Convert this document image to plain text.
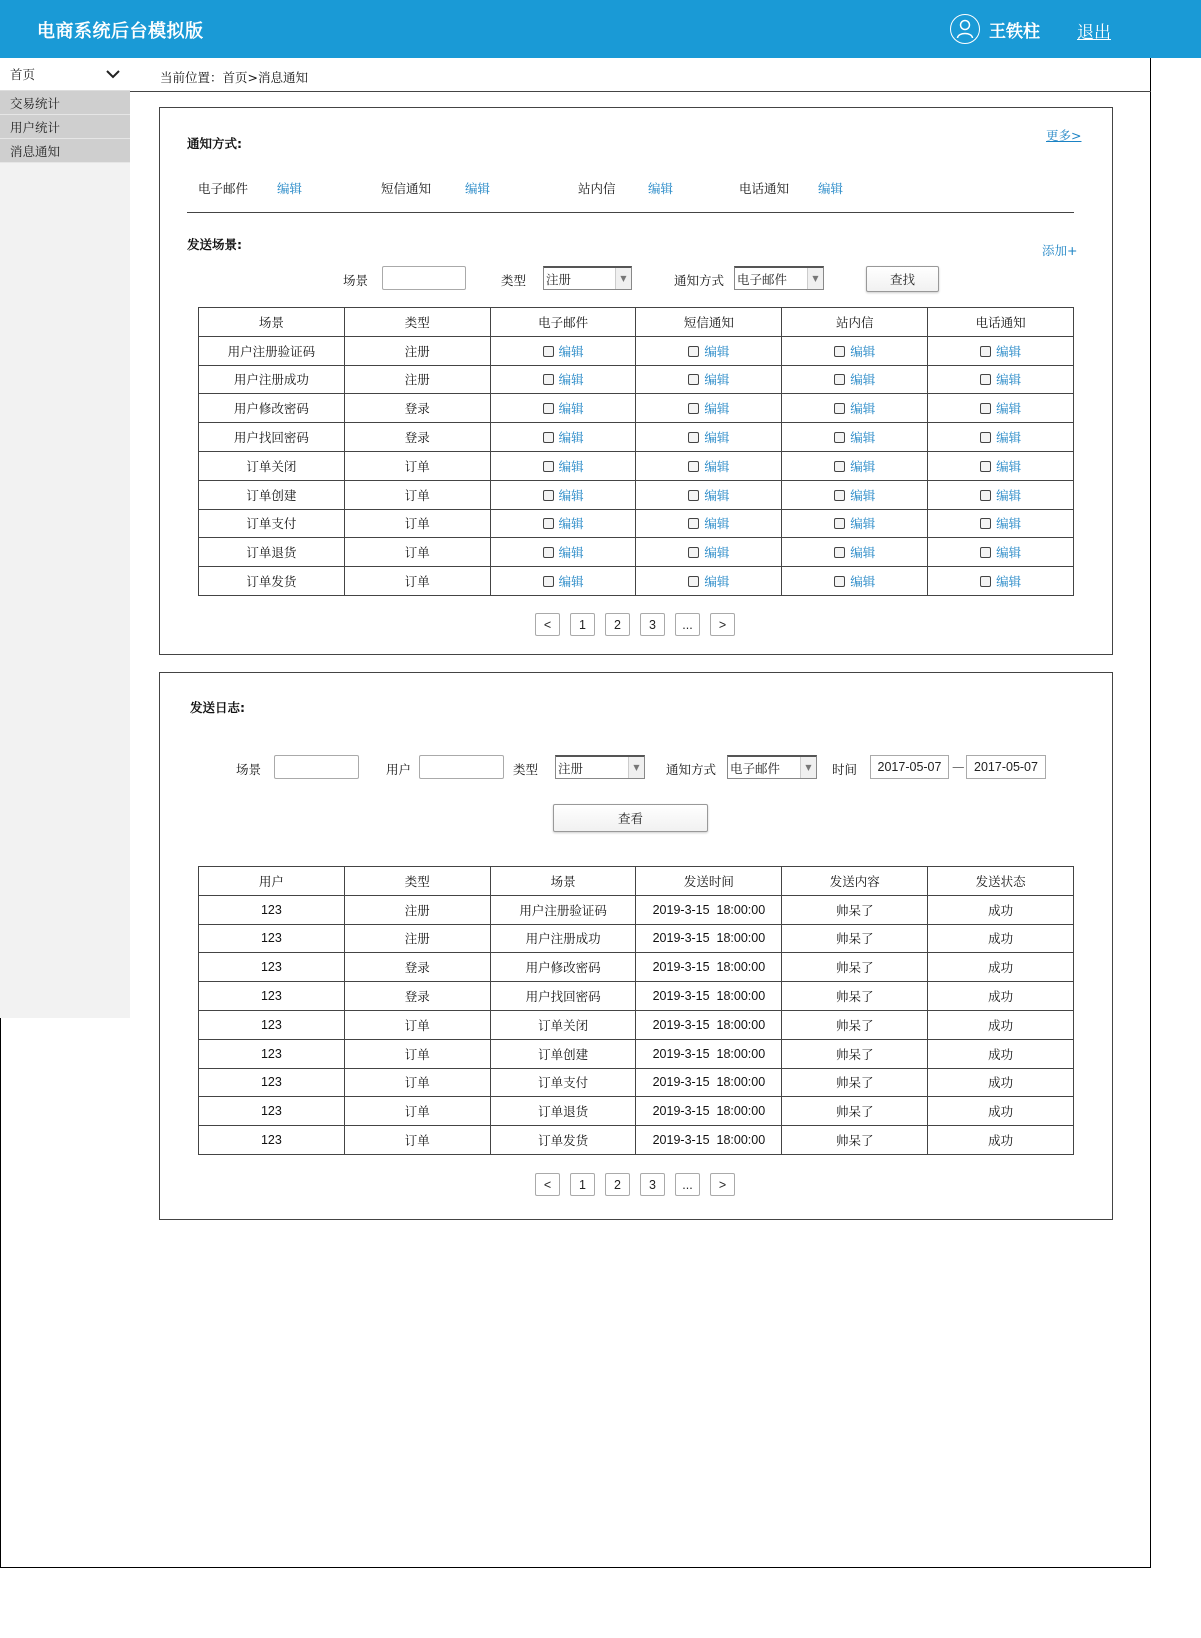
电商系统后台模拟版	王铁柱 退出
首页
交易统计
用户统计
消息通知
当前位置：首页>消息通知
通知方式:
更多>
电子邮件 编辑	短信通知	编辑	站内信	编辑	电话通知 编辑
发送场景:	添加+
场景	类型 注册	▼	通知方式 电子邮件	▼	查找
场景	类型	电子邮件	短信通知	站内信	电话通知
用户注册验证码	注册	编辑	编辑	编辑	编辑
用户注册成功	注册	编辑	编辑	编辑	编辑
用户修改密码	登录	编辑	编辑	编辑	编辑
用户找回密码	登录	编辑	编辑	编辑	编辑
订单关闭	订单	编辑	编辑	编辑	编辑
订单创建	订单	编辑	编辑	编辑	编辑
订单支付	订单	编辑	编辑	编辑	编辑
订单退货	订单	编辑	编辑	编辑	编辑
订单发货	订单	编辑	编辑	编辑	编辑
<	1	2	3	...	>
发送日志:
场景	用户	类型 注册	▼	通知方式 电子邮件	▼	时间	2017-05-07 — 2017-05-07
查看
用户	类型	场景	发送时间	发送内容	发送状态
123	注册	用户注册验证码	2019-3-15  18:00:00	帅呆了	成功
123	注册	用户注册成功	2019-3-15  18:00:00	帅呆了	成功
123	登录	用户修改密码	2019-3-15  18:00:00	帅呆了	成功
123	登录	用户找回密码	2019-3-15  18:00:00	帅呆了	成功
123	订单	订单关闭	2019-3-15  18:00:00	帅呆了	成功
123	订单	订单创建	2019-3-15  18:00:00	帅呆了	成功
123	订单	订单支付	2019-3-15  18:00:00	帅呆了	成功
123	订单	订单退货	2019-3-15  18:00:00	帅呆了	成功
123	订单	订单发货	2019-3-15  18:00:00	帅呆了	成功
<	1	2	3	...	>
